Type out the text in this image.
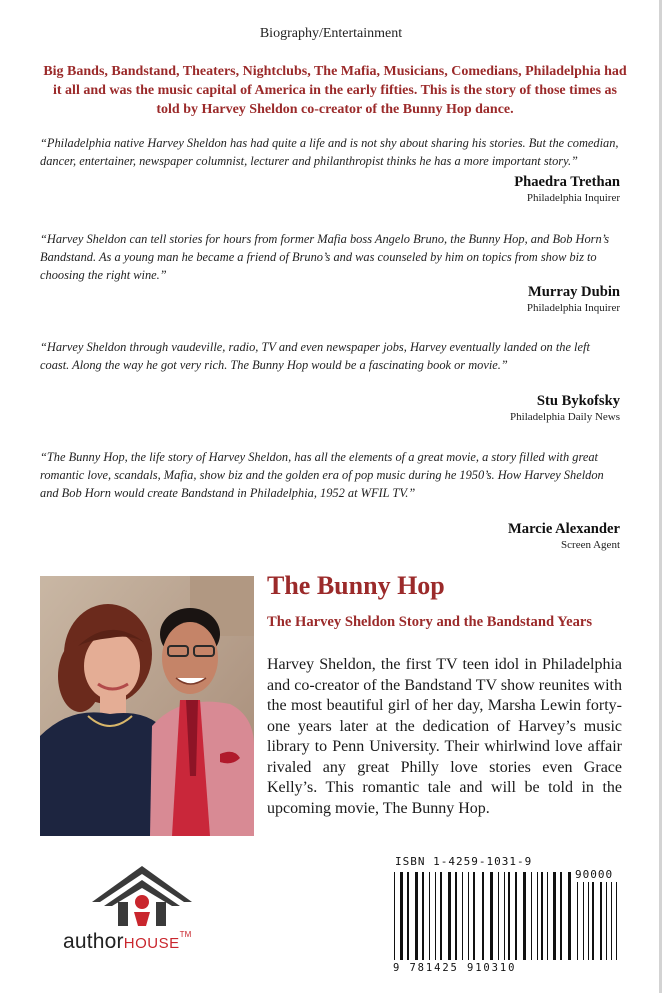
Biography/Entertainment
Big Bands, Bandstand, Theaters, Nightclubs, The Mafia, Musicians, Comedians, Philadelphia had it all and was the music capital of America in the early fifties. This is the story of those times as told by Harvey Sheldon co-creator of the Bunny Hop dance.
“Philadelphia native Harvey Sheldon has had quite a life and is not shy about sharing his stories. But the comedian, dancer, entertainer, newspaper columnist, lecturer and philanthropist thinks he has a more important story.”
Phaedra Trethan
Philadelphia Inquirer
“Harvey Sheldon can tell stories for hours from former Mafia boss Angelo Bruno, the Bunny Hop, and Bob Horn’s Bandstand. As a young man he became a friend of Bruno’s and was counseled by him on topics from show biz to choosing the right wine.”
Murray Dubin
Philadelphia Inquirer
“Harvey Sheldon through vaudeville, radio, TV and even newspaper jobs, Harvey eventually landed on the left coast. Along the way he got very rich. The Bunny Hop would be a fascinating book or movie.”
Stu Bykofsky
Philadelphia Daily News
“The Bunny Hop, the life story of Harvey Sheldon, has all the elements of a great movie, a story filled with great romantic love, scandals, Mafia, show biz and the golden era of pop music during he 1950’s. How Harvey Sheldon and Bob Horn would create Bandstand in Philadelphia, 1952 at WFIL TV.”
Marcie Alexander
Screen Agent
The Bunny Hop
The Harvey Sheldon Story and the Bandstand Years
Harvey Sheldon, the first TV teen idol in Philadelphia and co-creator of the Bandstand TV show reunites with the most beautiful girl of her day, Marsha Lewin forty-one years later at the dedication of Harvey’s music library to Penn University. Their whirlwind love affair rivaled any great Philly love stories even Grace Kelly’s. This romantic tale and will be told in the upcoming movie, The Bunny Hop.
authorHOUSE™
ISBN 1-4259-1031-9
90000
9 781425 910310
